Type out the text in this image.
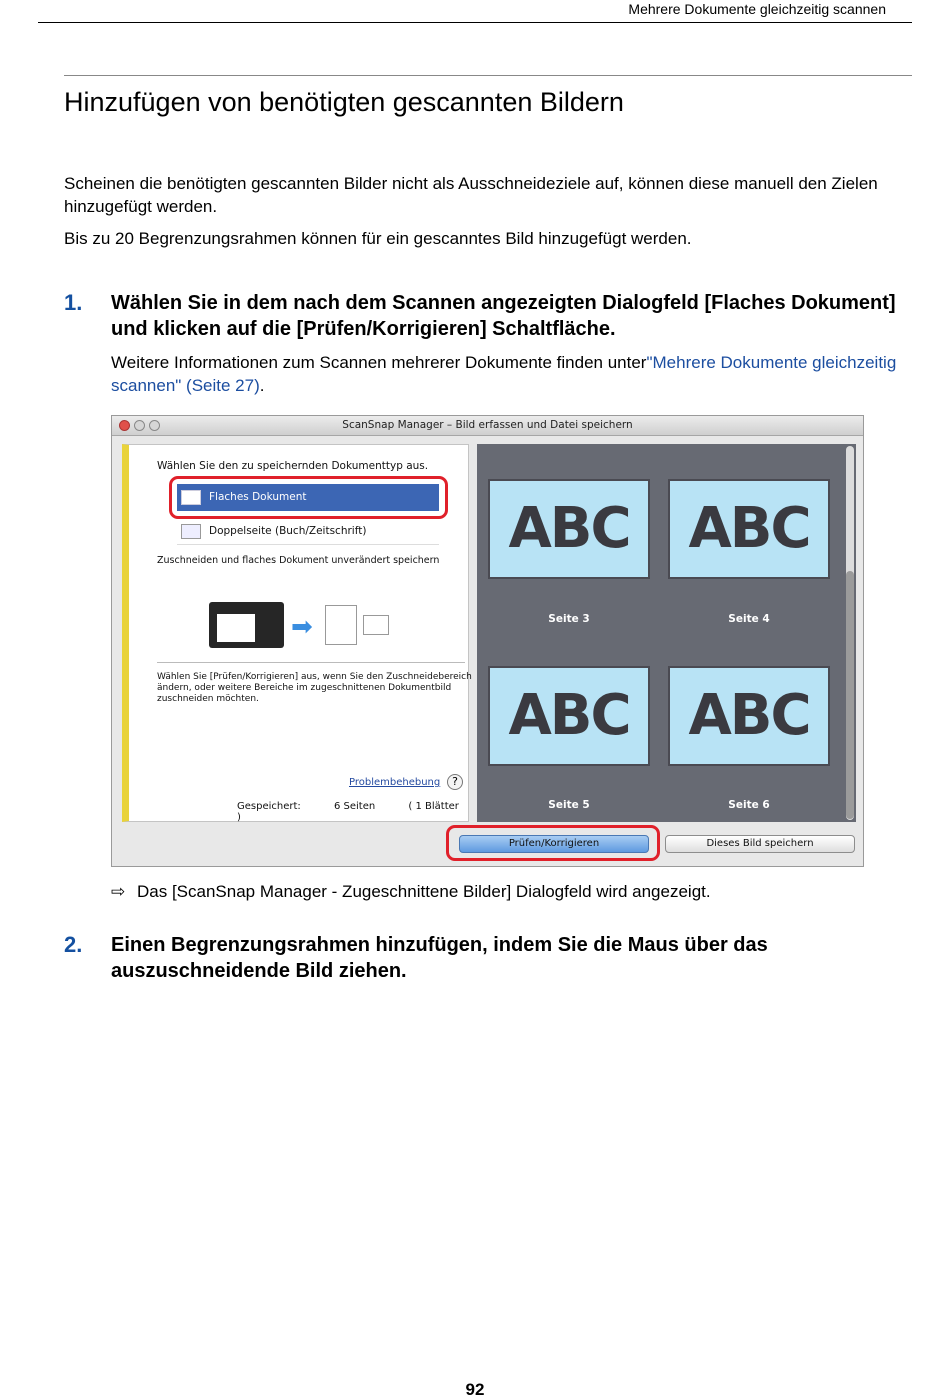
Mehrere Dokumente gleichzeitig scannen
Hinzufügen von benötigten gescannten Bildern

Scheinen die benötigten gescannten Bilder nicht als Ausschneideziele auf, können diese manuell den Zielen hinzugefügt werden.

Bis zu 20 Begrenzungsrahmen können für ein gescanntes Bild hinzugefügt werden.

1. Wählen Sie in dem nach dem Scannen angezeigten Dialogfeld [Flaches Dokument] und klicken auf die [Prüfen/Korrigieren] Schaltfläche.

Weitere Informationen zum Scannen mehrerer Dokumente finden unter"Mehrere Dokumente gleichzeitig scannen" (Seite 27).

ScanSnap Manager – Bild erfassen und Datei speichern
Wählen Sie den zu speichernden Dokumenttyp aus.
Flaches Dokument
Doppelseite (Buch/Zeitschrift)
Zuschneiden und flaches Dokument unverändert speichern
➡
Wählen Sie [Prüfen/Korrigieren] aus, wenn Sie den Zuschneidebereich ändern, oder weitere Bereiche im zugeschnittenen Dokumentbild zuschneiden möchten.
Problembehebung	?
Gespeichert:	6 Seiten	( 1 Blätter )
ABC	ABC
Seite 3	Seite 4
ABC	ABC
Seite 5	Seite 6
Prüfen/Korrigieren	Dieses Bild speichern

⇨ Das [ScanSnap Manager - Zugeschnittene Bilder] Dialogfeld wird angezeigt.

2. Einen Begrenzungsrahmen hinzufügen, indem Sie die Maus über das auszuschneidende Bild ziehen.
92
